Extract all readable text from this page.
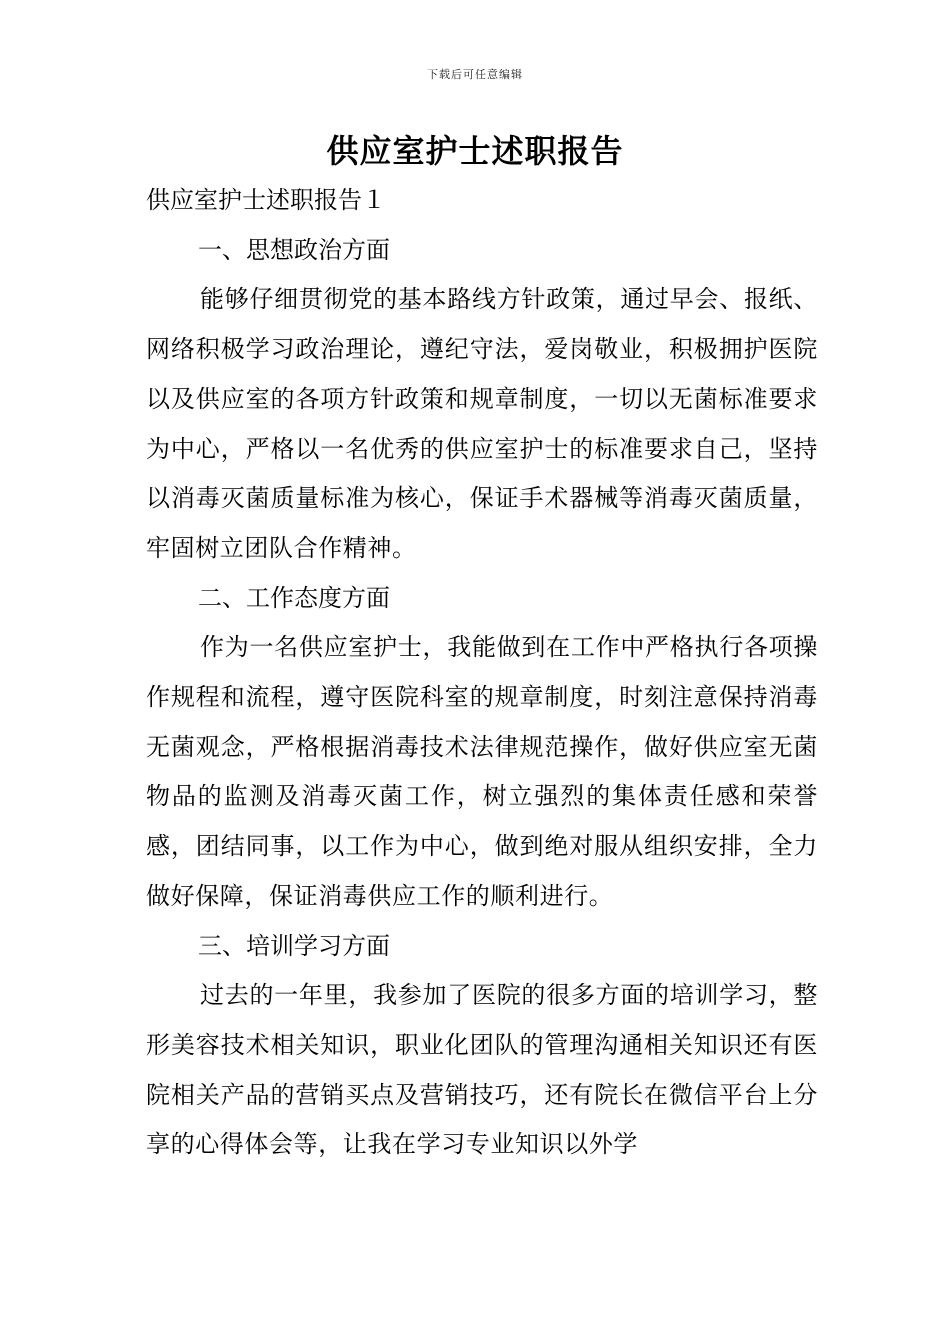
下载后可任意编辑
供应室护士述职报告

供应室护士述职报告１

一、思想政治方面

能够仔细贯彻党的基本路线方针政策，通过早会、报纸、网络积极学习政治理论，遵纪守法，爱岗敬业，积极拥护医院以及供应室的各项方针政策和规章制度，一切以无菌标准要求为中心，严格以一名优秀的供应室护士的标准要求自己，坚持以消毒灭菌质量标准为核心，保证手术器械等消毒灭菌质量，牢固树立团队合作精神。

二、工作态度方面

作为一名供应室护士，我能做到在工作中严格执行各项操作规程和流程，遵守医院科室的规章制度，时刻注意保持消毒无菌观念，严格根据消毒技术法律规范操作，做好供应室无菌物品的监测及消毒灭菌工作，树立强烈的集体责任感和荣誉感，团结同事，以工作为中心，做到绝对服从组织安排，全力做好保障，保证消毒供应工作的顺利进行。

三、培训学习方面

过去的一年里，我参加了医院的很多方面的培训学习，整形美容技术相关知识，职业化团队的管理沟通相关知识还有医院相关产品的营销买点及营销技巧，还有院长在微信平台上分享的心得体会等，让我在学习专业知识以外学
